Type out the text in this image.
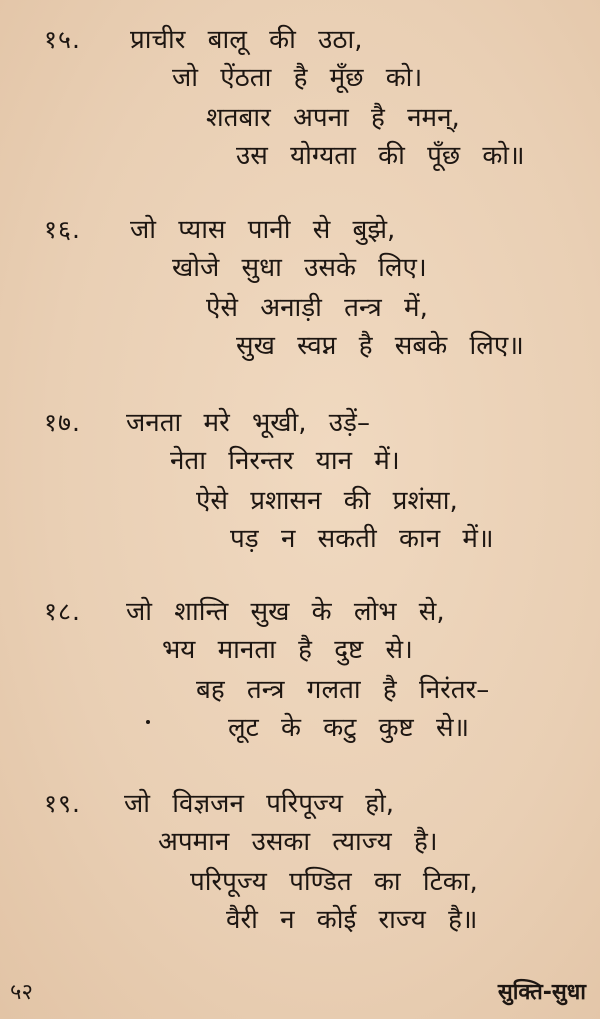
१५. प्राचीर बालू की उठा,
जो ऐंठता है मूँछ को।
शतबार अपना है नमन्,
उस योग्यता की पूँछ को॥
१६. जो प्यास पानी से बुझे,
खोजे सुधा उसके लिए।
ऐसे अनाड़ी तन्त्र में,
सुख स्वप्न है सबके लिए॥
१७. जनता मरे भूखी, उड़ें–
नेता निरन्तर यान में।
ऐसे प्रशासन की प्रशंसा,
पड़ न सकती कान में॥
१८. जो शान्ति सुख के लोभ से,
भय मानता है दुष्ट से।
बह तन्त्र गलता है निरंतर–
लूट के कटु कुष्ट से॥
१९. जो विज्ञजन परिपूज्य हो,
अपमान उसका त्याज्य है।
परिपूज्य पण्डित का टिका,
वैरी न कोई राज्य है॥
५२	सुक्ति-सुधा
